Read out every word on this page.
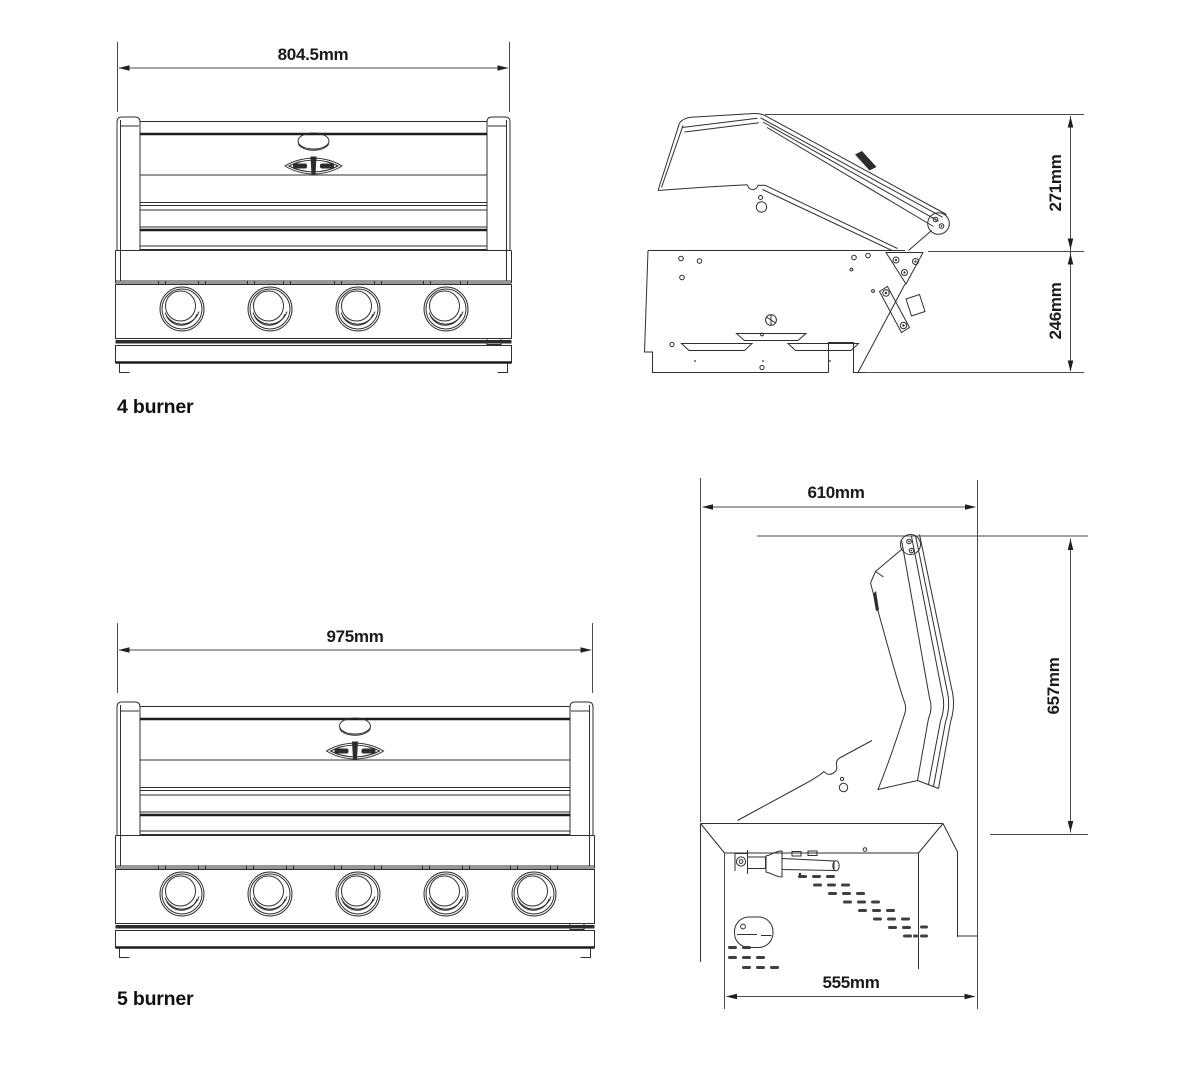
804.5mm
271mm
246mm
4 burner
975mm
610mm
657mm
555mm
5 burner
